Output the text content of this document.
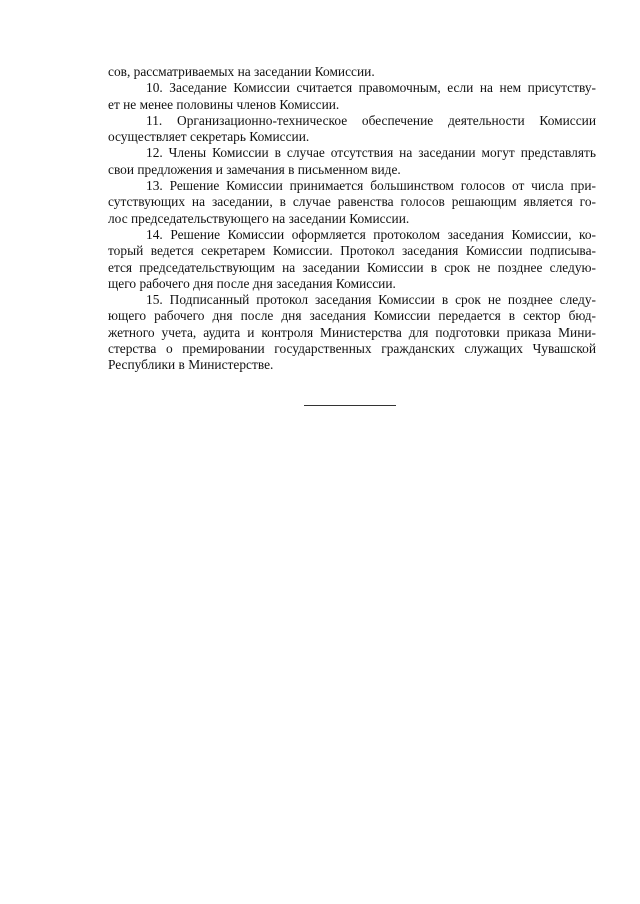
сов, рассматриваемых на заседании Комиссии.
10. Заседание Комиссии считается правомочным, если на нем присутству-
ет не менее половины членов Комиссии.
11. Организационно-техническое обеспечение деятельности Комиссии
осуществляет секретарь Комиссии.
12. Члены Комиссии в случае отсутствия на заседании могут представлять
свои предложения и замечания в письменном виде.
13. Решение Комиссии принимается большинством голосов от числа при-
сутствующих на заседании, в случае равенства голосов решающим является го-
лос председательствующего на заседании Комиссии.
14. Решение Комиссии оформляется протоколом заседания Комиссии, ко-
торый ведется секретарем Комиссии. Протокол заседания Комиссии подписыва-
ется председательствующим на заседании Комиссии в срок не позднее следую-
щего рабочего дня после дня заседания Комиссии.
15. Подписанный протокол заседания Комиссии в срок не позднее следу-
ющего рабочего дня после дня заседания Комиссии передается в сектор бюд-
жетного учета, аудита и контроля Министерства для подготовки приказа Мини-
стерства о премировании государственных гражданских служащих Чувашской
Республики в Министерстве.
